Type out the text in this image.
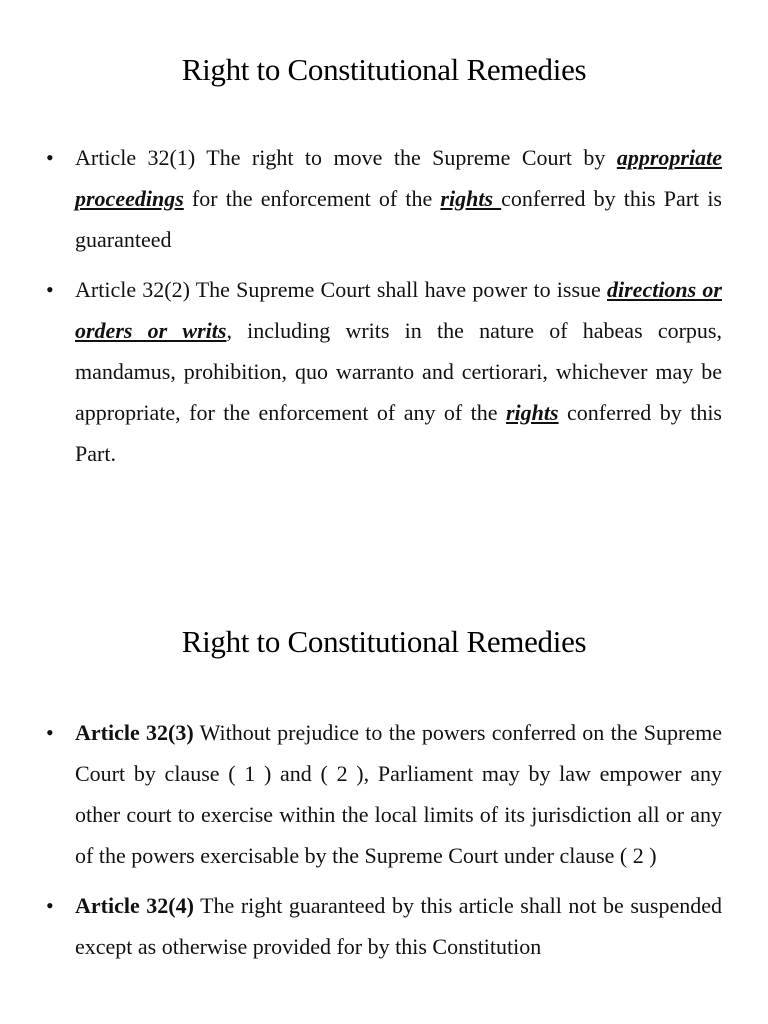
Right to Constitutional Remedies
• Article 32(1) The right to move the Supreme Court by appropriate proceedings for the enforcement of the rights conferred by this Part is guaranteed
• Article 32(2) The Supreme Court shall have power to issue directions or orders or writs, including writs in the nature of habeas corpus, mandamus, prohibition, quo warranto and certiorari, whichever may be appropriate, for the enforcement of any of the rights conferred by this Part.
Right to Constitutional Remedies
• Article 32(3) Without prejudice to the powers conferred on the Supreme Court by clause ( 1 ) and ( 2 ), Parliament may by law empower any other court to exercise within the local limits of its jurisdiction all or any of the powers exercisable by the Supreme Court under clause ( 2 )
• Article 32(4) The right guaranteed by this article shall not be suspended except as otherwise provided for by this Constitution
